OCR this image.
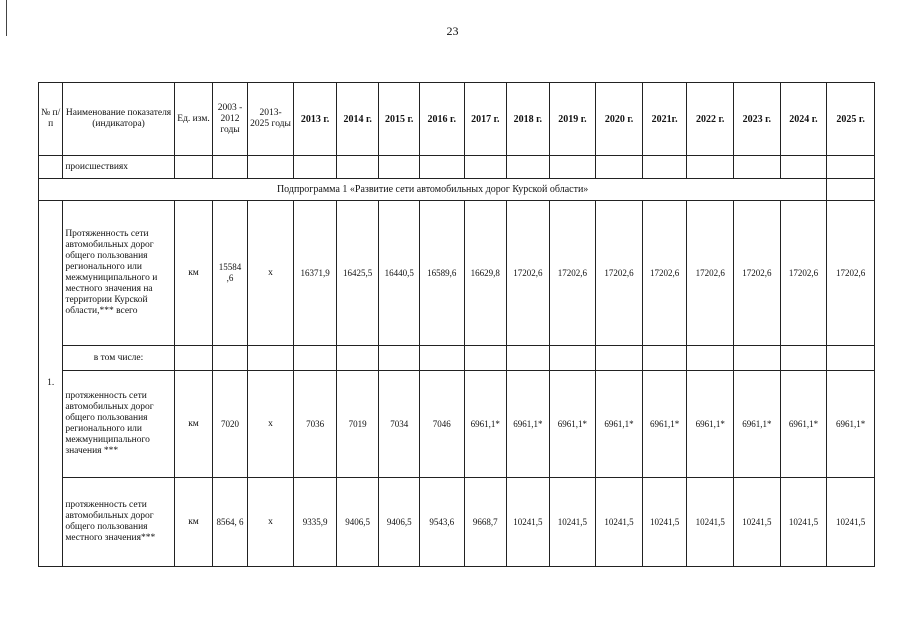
23
№ п/п	Наименование показателя (индикатора)	Ед. изм.	2003 - 2012 годы	2013- 2025 годы	2013 г.	2014 г.	2015 г.	2016 г.	2017 г.	2018 г.	2019 г.	2020 г.	2021г.	2022 г.	2023 г.	2024 г.	2025 г.
	происшествиях																
Подпрограмма 1 «Развитие сети автомобильных дорог Курской области»																	
1.	Протяженность сети автомобильных дорог общего пользования регионального или межмуниципального и местного значения на территории Курской области,*** всего	км	15584 ,6	х	16371,9	16425,5	16440,5	16589,6	16629,8	17202,6	17202,6	17202,6	17202,6	17202,6	17202,6	17202,6	17202,6
	в том числе:																
	протяженность сети автомобильных дорог общего пользования регионального или межмуниципального значения ***	км	7020	х	7036	7019	7034	7046	6961,1*	6961,1*	6961,1*	6961,1*	6961,1*	6961,1*	6961,1*	6961,1*	6961,1*
	протяженность сети автомобильных дорог общего пользования местного значения***	км	8564, 6	х	9335,9	9406,5	9406,5	9543,6	9668,7	10241,5	10241,5	10241,5	10241,5	10241,5	10241,5	10241,5	10241,5
